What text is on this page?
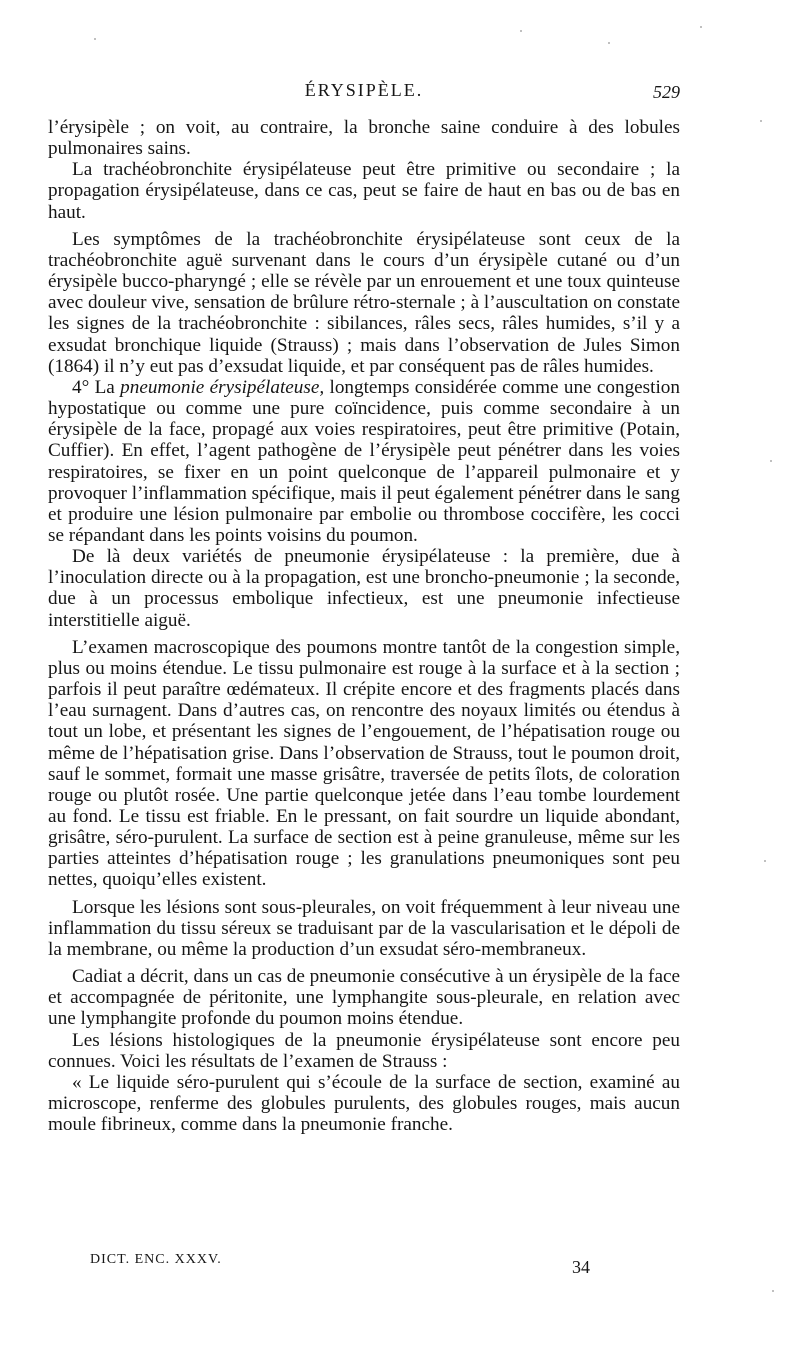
ÉRYSIPÈLE.	529

l’érysipèle ; on voit, au contraire, la bronche saine conduire à des lobules pulmonaires sains.

La trachéobronchite érysipélateuse peut être primitive ou secondaire ; la propagation érysipélateuse, dans ce cas, peut se faire de haut en bas ou de bas en haut.

Les symptômes de la trachéobronchite érysipélateuse sont ceux de la trachéobronchite aguë survenant dans le cours d’un érysipèle cutané ou d’un érysipèle bucco-pharyngé ; elle se révèle par un enrouement et une toux quinteuse avec douleur vive, sensation de brûlure rétro-sternale ; à l’auscultation on constate les signes de la trachéobronchite : sibilances, râles secs, râles humides, s’il y a exsudat bronchique liquide (Strauss) ; mais dans l’observation de Jules Simon (1864) il n’y eut pas d’exsudat liquide, et par conséquent pas de râles humides.

4° La pneumonie érysipélateuse, longtemps considérée comme une congestion hypostatique ou comme une pure coïncidence, puis comme secondaire à un érysipèle de la face, propagé aux voies respiratoires, peut être primitive (Potain, Cuffier). En effet, l’agent pathogène de l’érysipèle peut pénétrer dans les voies respiratoires, se fixer en un point quelconque de l’appareil pulmonaire et y provoquer l’inflammation spécifique, mais il peut également pénétrer dans le sang et produire une lésion pulmonaire par embolie ou thrombose coccifère, les cocci se répandant dans les points voisins du poumon.

De là deux variétés de pneumonie érysipélateuse : la première, due à l’inoculation directe ou à la propagation, est une broncho-pneumonie ; la seconde, due à un processus embolique infectieux, est une pneumonie infectieuse interstitielle aiguë.

L’examen macroscopique des poumons montre tantôt de la congestion simple, plus ou moins étendue. Le tissu pulmonaire est rouge à la surface et à la section ; parfois il peut paraître œdémateux. Il crépite encore et des fragments placés dans l’eau surnagent. Dans d’autres cas, on rencontre des noyaux limités ou étendus à tout un lobe, et présentant les signes de l’engouement, de l’hépatisation rouge ou même de l’hépatisation grise. Dans l’observation de Strauss, tout le poumon droit, sauf le sommet, formait une masse grisâtre, traversée de petits îlots, de coloration rouge ou plutôt rosée. Une partie quelconque jetée dans l’eau tombe lourdement au fond. Le tissu est friable. En le pressant, on fait sourdre un liquide abondant, grisâtre, séro-purulent. La surface de section est à peine granuleuse, même sur les parties atteintes d’hépatisation rouge ; les granulations pneumoniques sont peu nettes, quoiqu’elles existent.

Lorsque les lésions sont sous-pleurales, on voit fréquemment à leur niveau une inflammation du tissu séreux se traduisant par de la vascularisation et le dépoli de la membrane, ou même la production d’un exsudat séro-membraneux.

Cadiat a décrit, dans un cas de pneumonie consécutive à un érysipèle de la face et accompagnée de péritonite, une lymphangite sous-pleurale, en relation avec une lymphangite profonde du poumon moins étendue.

Les lésions histologiques de la pneumonie érysipélateuse sont encore peu connues. Voici les résultats de l’examen de Strauss :

« Le liquide séro-purulent qui s’écoule de la surface de section, examiné au microscope, renferme des globules purulents, des globules rouges, mais aucun moule fibrineux, comme dans la pneumonie franche.

DICT. ENC. XXXV.	34
